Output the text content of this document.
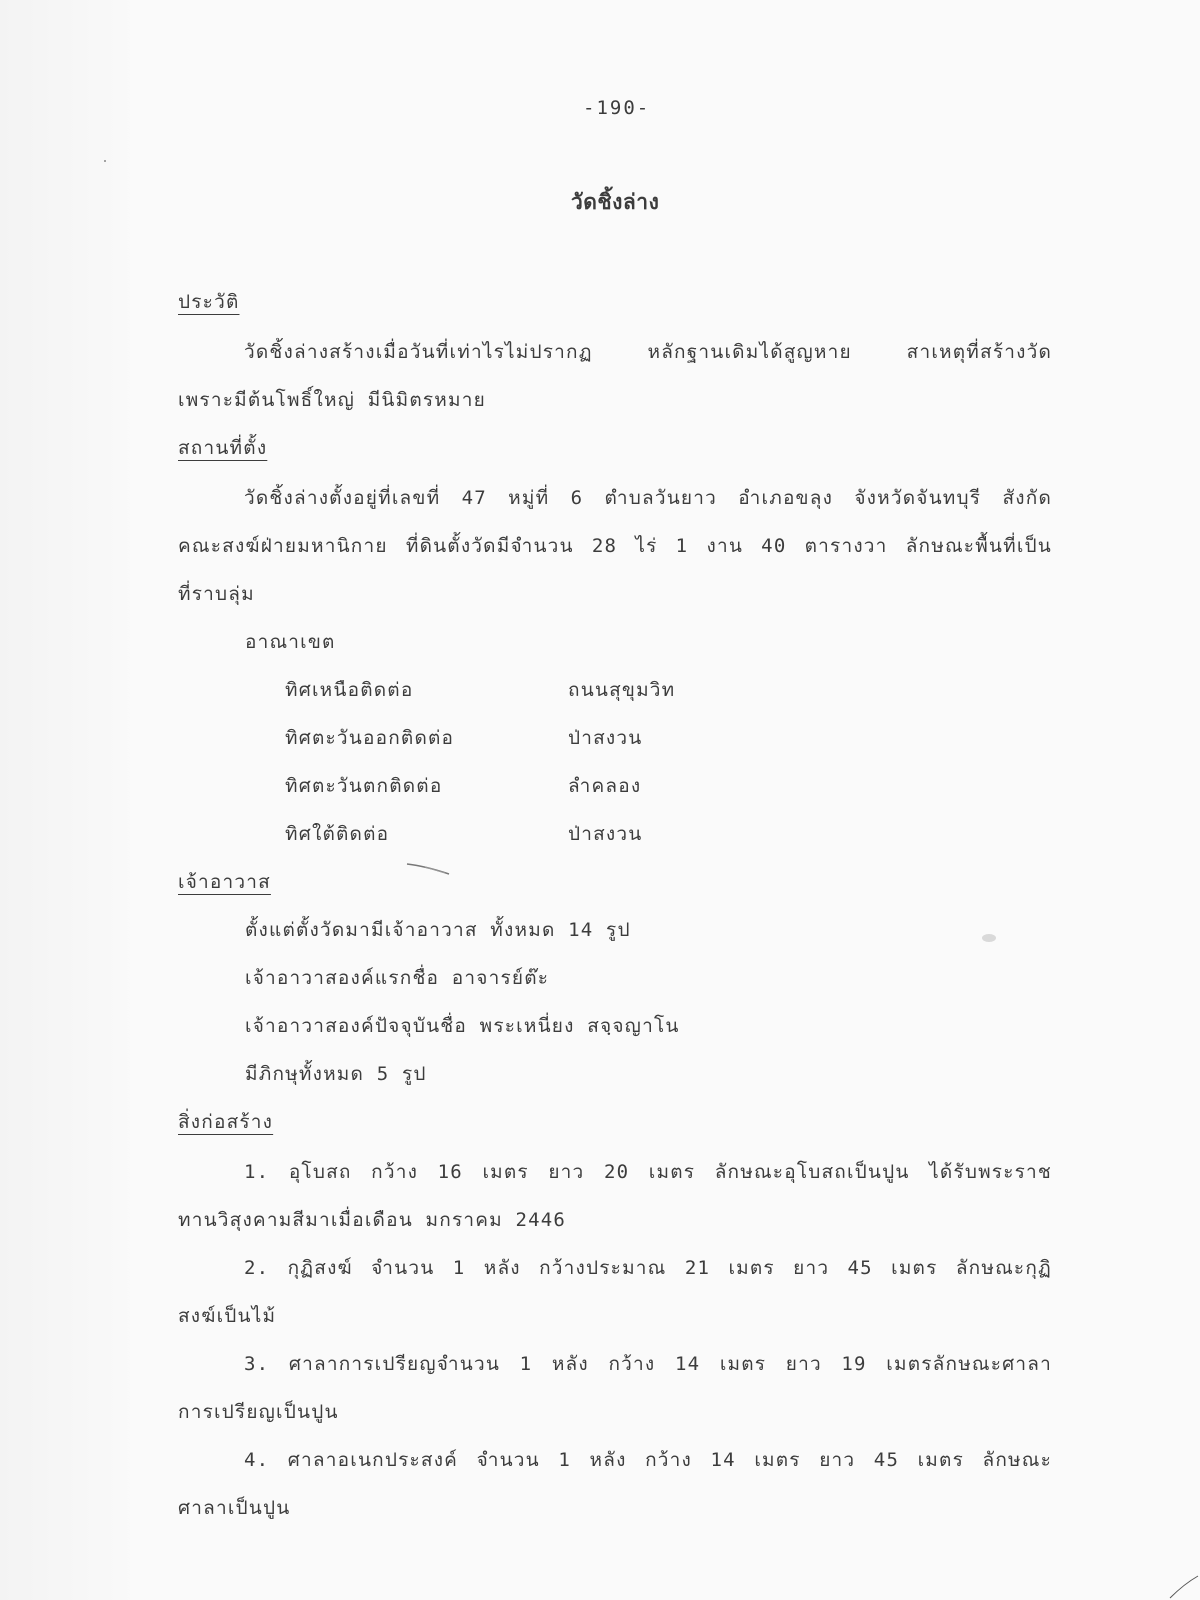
-190-
วัดชิ้งล่าง
ประวัติ
วัดชิ้งล่างสร้างเมื่อวันที่เท่าไรไม่ปรากฏ หลักฐานเดิมได้สูญหาย สาเหตุที่สร้างวัด
เพราะมีต้นโพธิ์ใหญ่ มีนิมิตรหมาย
สถานที่ตั้ง
วัดชิ้งล่างตั้งอยู่ที่เลขที่ 47 หมู่ที่ 6 ตำบลวันยาว อำเภอขลุง จังหวัดจันทบุรี สังกัด
คณะสงฆ์ฝ่ายมหานิกาย ที่ดินตั้งวัดมีจำนวน 28 ไร่ 1 งาน 40 ตารางวา ลักษณะพื้นที่เป็น
ที่ราบลุ่ม
อาณาเขต
ทิศเหนือติดต่อ	ถนนสุขุมวิท
ทิศตะวันออกติดต่อ	ป่าสงวน
ทิศตะวันตกติดต่อ	ลำคลอง
ทิศใต้ติดต่อ	ป่าสงวน
เจ้าอาวาส
ตั้งแต่ตั้งวัดมามีเจ้าอาวาส ทั้งหมด 14 รูป
เจ้าอาวาสองค์แรกชื่อ อาจารย์ต๊ะ
เจ้าอาวาสองค์ปัจจุบันชื่อ พระเหนี่ยง สจฺจญาโน
มีภิกษุทั้งหมด 5 รูป
สิ่งก่อสร้าง
1. อุโบสถ กว้าง 16 เมตร ยาว 20 เมตร ลักษณะอุโบสถเป็นปูน ได้รับพระราช
ทานวิสุงคามสีมาเมื่อเดือน มกราคม 2446
2. กุฏิสงฆ์ จำนวน 1 หลัง กว้างประมาณ 21 เมตร ยาว 45 เมตร ลักษณะกุฏิ
สงฆ์เป็นไม้
3. ศาลาการเปรียญจำนวน 1 หลัง กว้าง 14 เมตร ยาว 19 เมตรลักษณะศาลา
การเปรียญเป็นปูน
4. ศาลาอเนกประสงค์ จำนวน 1 หลัง กว้าง 14 เมตร ยาว 45 เมตร ลักษณะ
ศาลาเป็นปูน
